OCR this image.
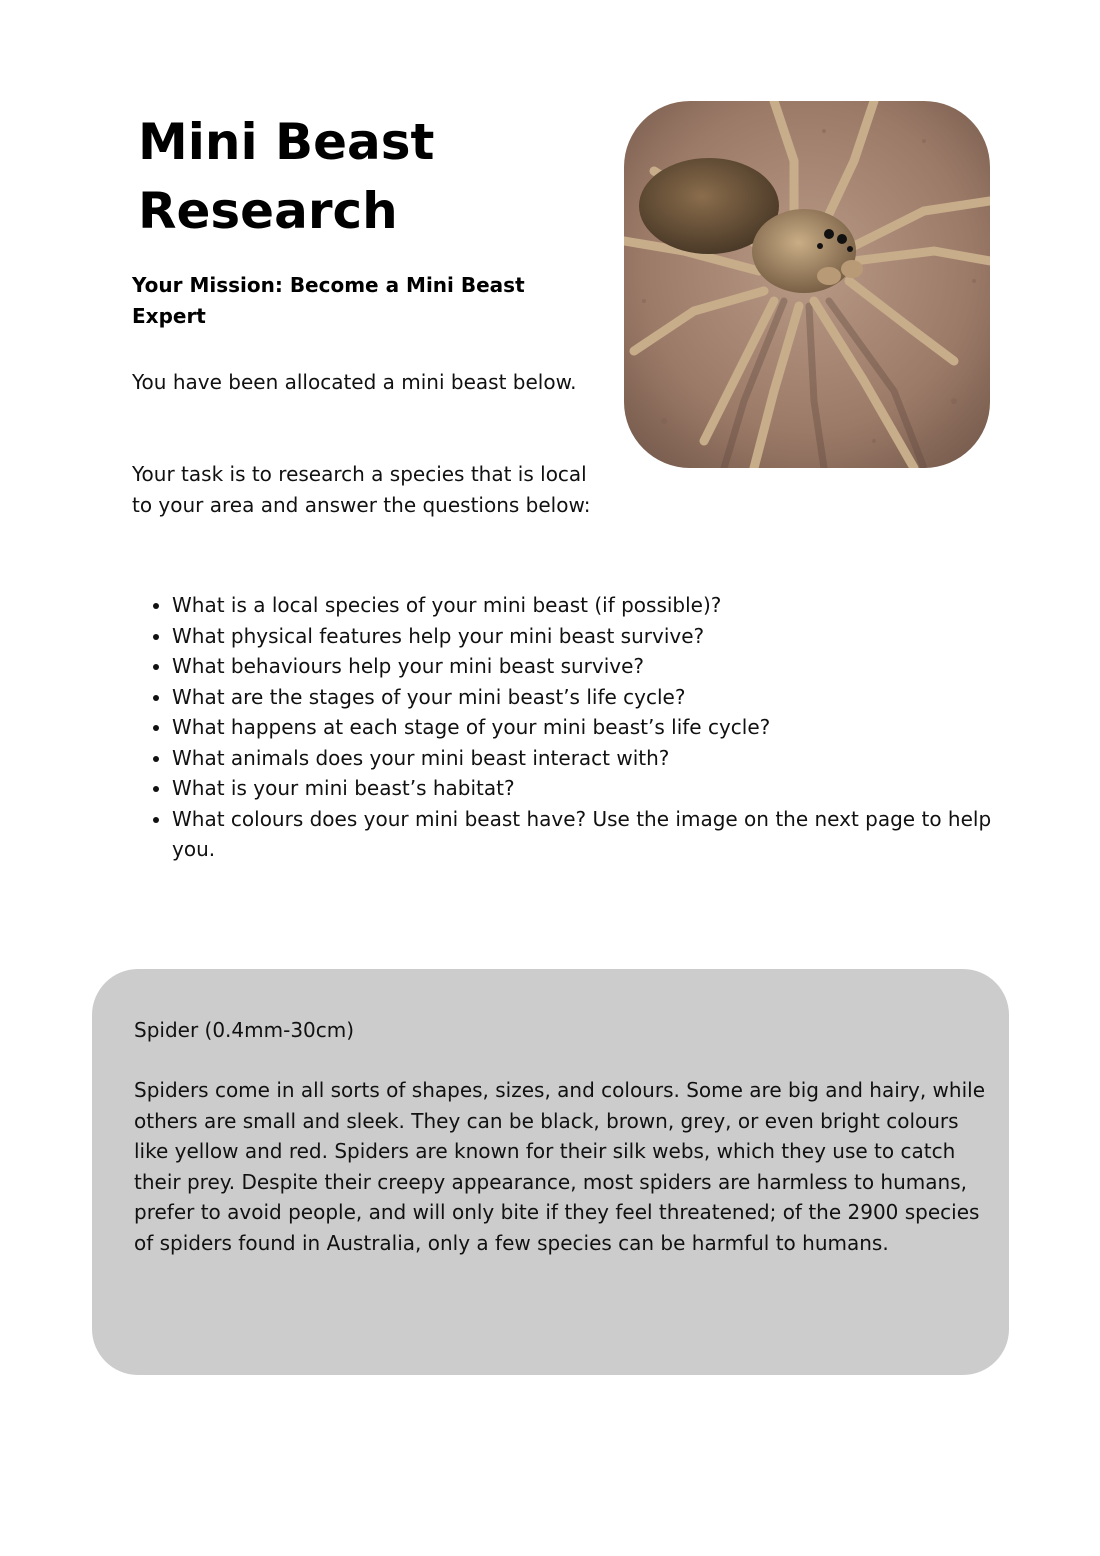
Mini Beast Research

Your Mission: Become a Mini Beast Expert

You have been allocated a mini beast below.

Your task is to research a species that is local to your area and answer the questions below:

• What is a local species of your mini beast (if possible)?
• What physical features help your mini beast survive?
• What behaviours help your mini beast survive?
• What are the stages of your mini beast’s life cycle?
• What happens at each stage of your mini beast’s life cycle?
• What animals does your mini beast interact with?
• What is your mini beast’s habitat?
• What colours does your mini beast have? Use the image on the next page to help you.

Spider (0.4mm-30cm)

Spiders come in all sorts of shapes, sizes, and colours. Some are big and hairy, while others are small and sleek. They can be black, brown, grey, or even bright colours like yellow and red. Spiders are known for their silk webs, which they use to catch their prey. Despite their creepy appearance, most spiders are harmless to humans, prefer to avoid people, and will only bite if they feel threatened; of the 2900 species of spiders found in Australia, only a few species can be harmful to humans.
